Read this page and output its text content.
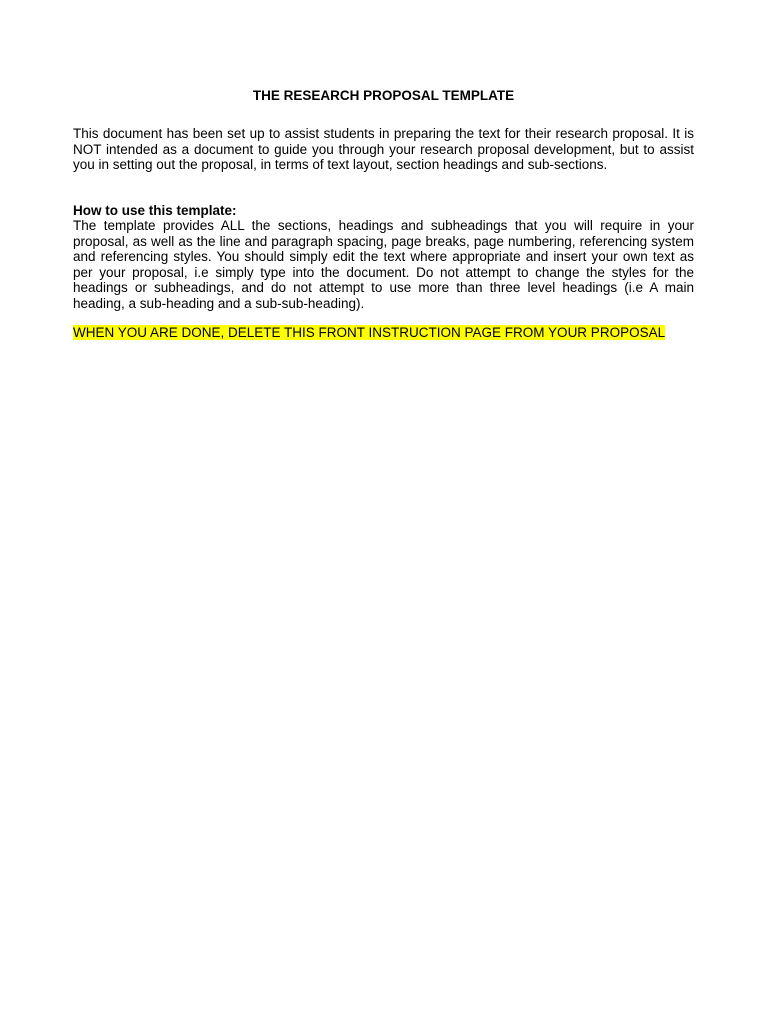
THE RESEARCH PROPOSAL TEMPLATE

This document has been set up to assist students in preparing the text for their research proposal. It is NOT intended as a document to guide you through your research proposal development, but to assist you in setting out the proposal, in terms of text layout, section headings and sub-sections.

How to use this template:

The template provides ALL the sections, headings and subheadings that you will require in your proposal, as well as the line and paragraph spacing, page breaks, page numbering, referencing system and referencing styles. You should simply edit the text where appropriate and insert your own text as per your proposal, i.e simply type into the document. Do not attempt to change the styles for the headings or subheadings, and do not attempt to use more than three level headings (i.e A main heading, a sub-heading and a sub-sub-heading).

WHEN YOU ARE DONE, DELETE THIS FRONT INSTRUCTION PAGE FROM YOUR PROPOSAL
